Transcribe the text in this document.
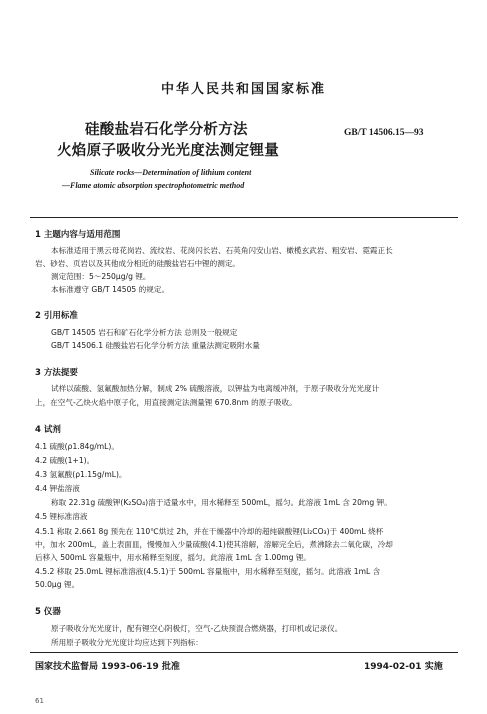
中华人民共和国国家标准
硅酸盐岩石化学分析方法
火焰原子吸收分光光度法测定锂量
GB/T 14506.15—93
Silicate rocks—Determination of lithium content
—Flame atomic absorption spectrophotometric method
1 主题内容与适用范围
本标准适用于黑云母花岗岩、流纹岩、花岗闪长岩、石英角闪安山岩、橄榄玄武岩、粗安岩、霓霞正长
岩、砂岩、页岩以及其他成分相近的硅酸盐岩石中锂的测定。
测定范围：5～250μg/g 锂。
本标准遵守 GB/T 14505 的规定。
2 引用标准
GB/T 14505 岩石和矿石化学分析方法 总则及一般规定
GB/T 14506.1 硅酸盐岩石化学分析方法 重量法测定吸附水量
3 方法提要
试样以硫酸、氢氟酸加热分解，制成 2% 硫酸溶液，以钾盐为电离缓冲剂，于原子吸收分光光度计
上，在空气-乙炔火焰中原子化，用直接测定法测量锂 670.8nm 的原子吸收。
4 试剂
4.1 硫酸(ρ1.84g/mL)。
4.2 硫酸(1+1)。
4.3 氢氟酸(ρ1.15g/mL)。
4.4 钾盐溶液
称取 22.31g 硫酸钾(K₂SO₄)溶于适量水中，用水稀释至 500mL，摇匀。此溶液 1mL 含 20mg 钾。
4.5 锂标准溶液
4.5.1 称取 2.661 8g 预先在 110℃烘过 2h，并在干燥器中冷却的超纯碳酸锂(Li₂CO₃)于 400mL 烧杯
中，加水 200mL，盖上表面皿，慢慢加入少量硫酸(4.1)使其溶解，溶解完全后，煮沸除去二氧化碳，冷却
后移入 500mL 容量瓶中，用水稀释至刻度，摇匀。此溶液 1mL 含 1.00mg 锂。
4.5.2 移取 25.0mL 锂标准溶液(4.5.1)于 500mL 容量瓶中，用水稀释至刻度，摇匀。此溶液 1mL 含
50.0μg 锂。
5 仪器
原子吸收分光光度计，配有锂空心阴极灯，空气-乙炔预混合燃烧器，打印机或记录仪。
所用原子吸收分光光度计均应达到下列指标：
国家技术监督局 1993-06-19 批准	1994-02-01 实施
61
